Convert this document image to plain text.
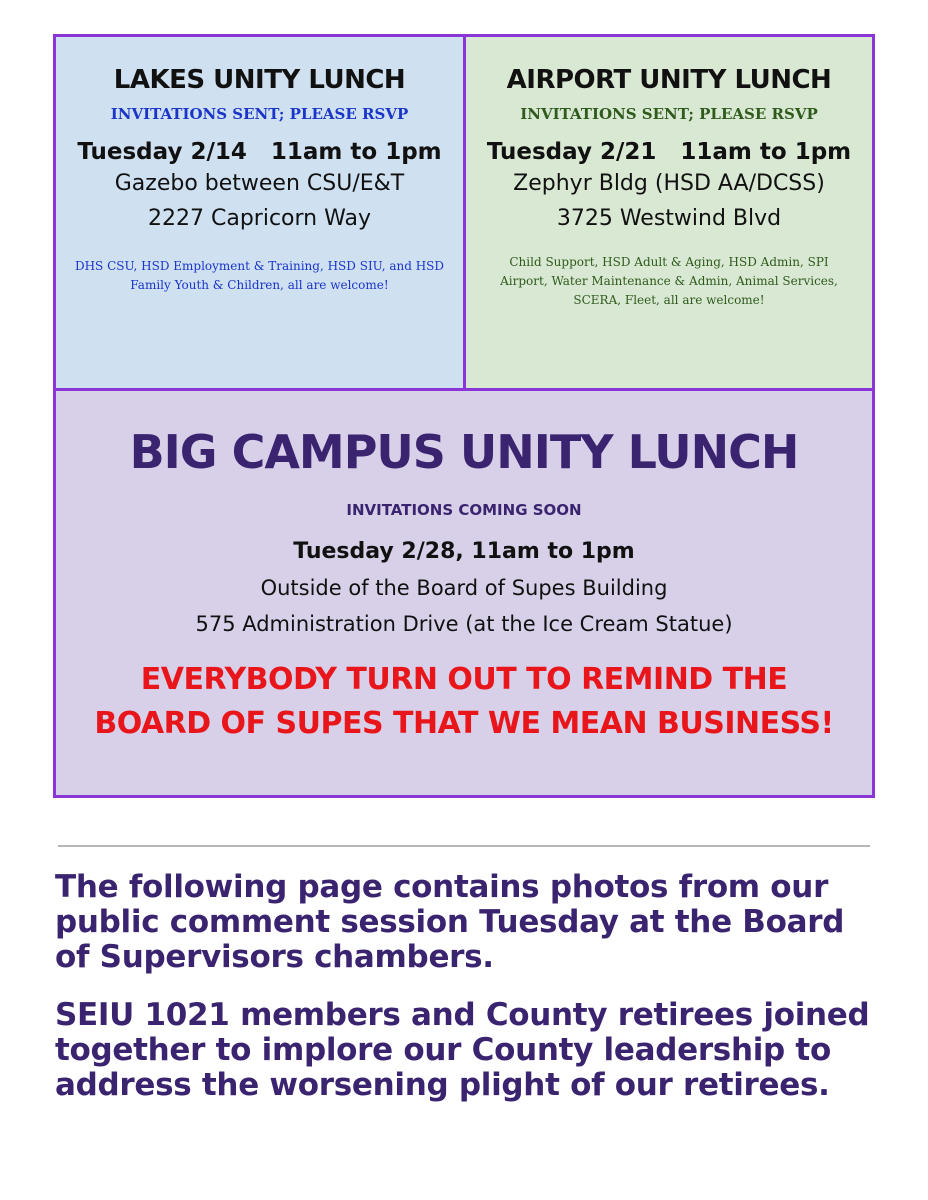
LAKES UNITY LUNCH

INVITATIONS SENT; PLEASE RSVP

Tuesday 2/14   11am to 1pm

Gazebo between CSU/E&T

2227 Capricorn Way

DHS CSU, HSD Employment & Training, HSD SIU, and HSD

Family Youth & Children, all are welcome!

AIRPORT UNITY LUNCH

INVITATIONS SENT; PLEASE RSVP

Tuesday 2/21   11am to 1pm

Zephyr Bldg (HSD AA/DCSS)

3725 Westwind Blvd

Child Support, HSD Adult & Aging, HSD Admin, SPI

Airport, Water Maintenance & Admin, Animal Services,

SCERA, Fleet, all are welcome!

BIG CAMPUS UNITY LUNCH

INVITATIONS COMING SOON

Tuesday 2/28, 11am to 1pm

Outside of the Board of Supes Building

575 Administration Drive (at the Ice Cream Statue)

EVERYBODY TURN OUT TO REMIND THE

BOARD OF SUPES THAT WE MEAN BUSINESS!

The following page contains photos from our
public comment session Tuesday at the Board
of Supervisors chambers.
SEIU 1021 members and County retirees joined
together to implore our County leadership to
address the worsening plight of our retirees.
